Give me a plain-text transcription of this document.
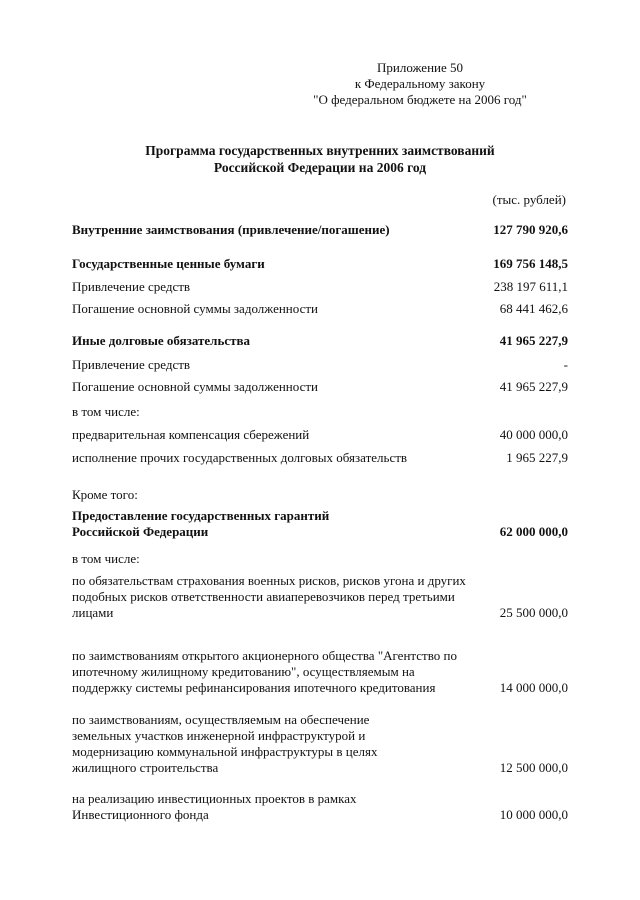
Приложение 50
к Федеральному закону
"О федеральном бюджете на 2006 год"
Программа государственных внутренних заимствований
Российской Федерации на 2006 год
(тыс. рублей)
Внутренние заимствования (привлечение/погашение)	127 790 920,6
Государственные ценные бумаги	169 756 148,5
Привлечение средств	238 197 611,1
Погашение основной суммы задолженности	68 441 462,6
Иные долговые обязательства	41 965 227,9
Привлечение средств	-
Погашение основной суммы задолженности	41 965 227,9
в том числе:
предварительная компенсация сбережений	40 000 000,0
исполнение прочих государственных долговых обязательств	1 965 227,9
Кроме того:
Предоставление государственных гарантий Российской Федерации	62 000 000,0
в том числе:
по обязательствам страхования военных рисков, рисков угона и других подобных рисков ответственности авиаперевозчиков перед третьими лицами	25 500 000,0
по заимствованиям открытого акционерного общества "Агентство по ипотечному жилищному кредитованию", осуществляемым на поддержку системы рефинансирования ипотечного кредитования	14 000 000,0
по заимствованиям, осуществляемым на обеспечение земельных участков инженерной инфраструктурой и модернизацию коммунальной инфраструктуры в целях жилищного строительства	12 500 000,0
на реализацию инвестиционных проектов в рамках Инвестиционного фонда	10 000 000,0
